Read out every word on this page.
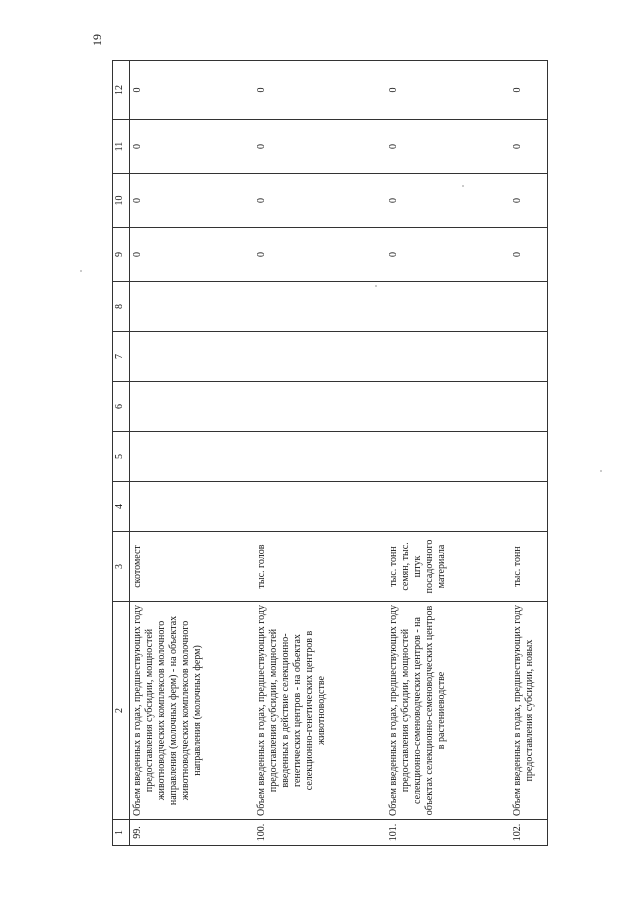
19
1	2	3	4	5	6	7	8	9	10	11	12
99.	Объем введенных в годах, предшествующих году предоставления субсидии, мощностей животноводческих комплексов молочного направления (молочных ферм) - на объектах животноводческих комплексов молочного направления (молочных ферм)	скотомест						0	0	0	0
100.	Объем введенных в годах, предшествующих году предоставления субсидии, мощностей введенных в действие селекционно-генетических центров - на объектах селекционно-генетических центров в животноводстве	тыс. голов						0	0	0	0
101.	Объем введенных в годах, предшествующих году предоставления субсидии, мощностей селекционно-семеноводческих центров - на объектах селекционно-семеноводческих центров в растениеводстве	тыс. тонн семян, тыс. штук посадочного материала						0	0	0	0
102.	Объем введенных в годах, предшествующих году предоставления субсидии, новых	тыс. тонн						0	0	0	0
